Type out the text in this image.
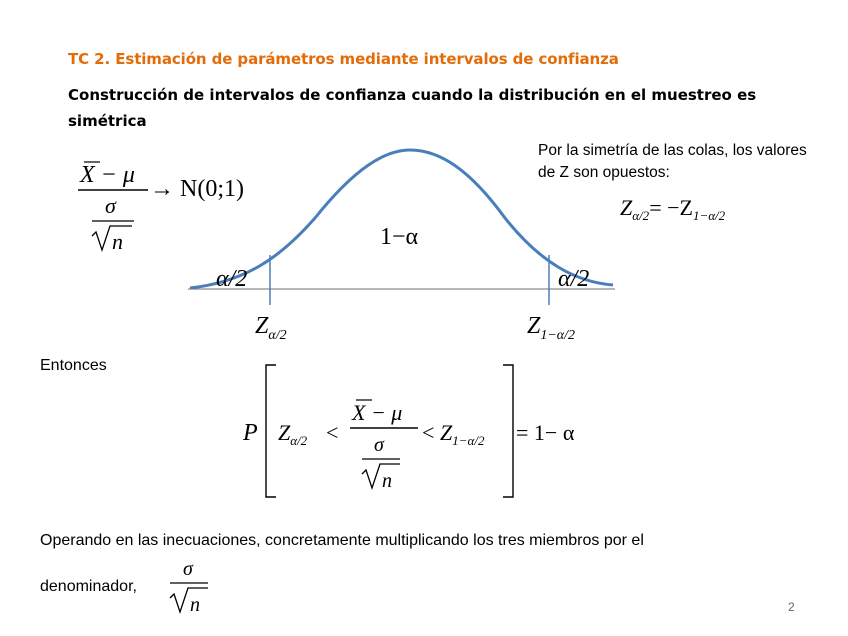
TC 2. Estimación de parámetros mediante intervalos de confianza
Construcción de intervalos de confianza cuando la distribución en el muestreo es simétrica
Por la simetría de las colas, los valores de Z son opuestos:
X − μ
σ
n
→ N(0;1)
1−α
α/2	α/2
$Z_{\alpha/2}$	$Z_{1-\alpha/2}$
$Z_{\alpha/2}= -Z_{1-\alpha/2}$
P $Z_{\alpha/2}$ <
X − μ
σ
n
< $Z_{1-\alpha/2} = 1- \alpha$
σ
n
Entonces
Operando en las inecuaciones, concretamente multiplicando los tres miembros por el
denominador,
2
